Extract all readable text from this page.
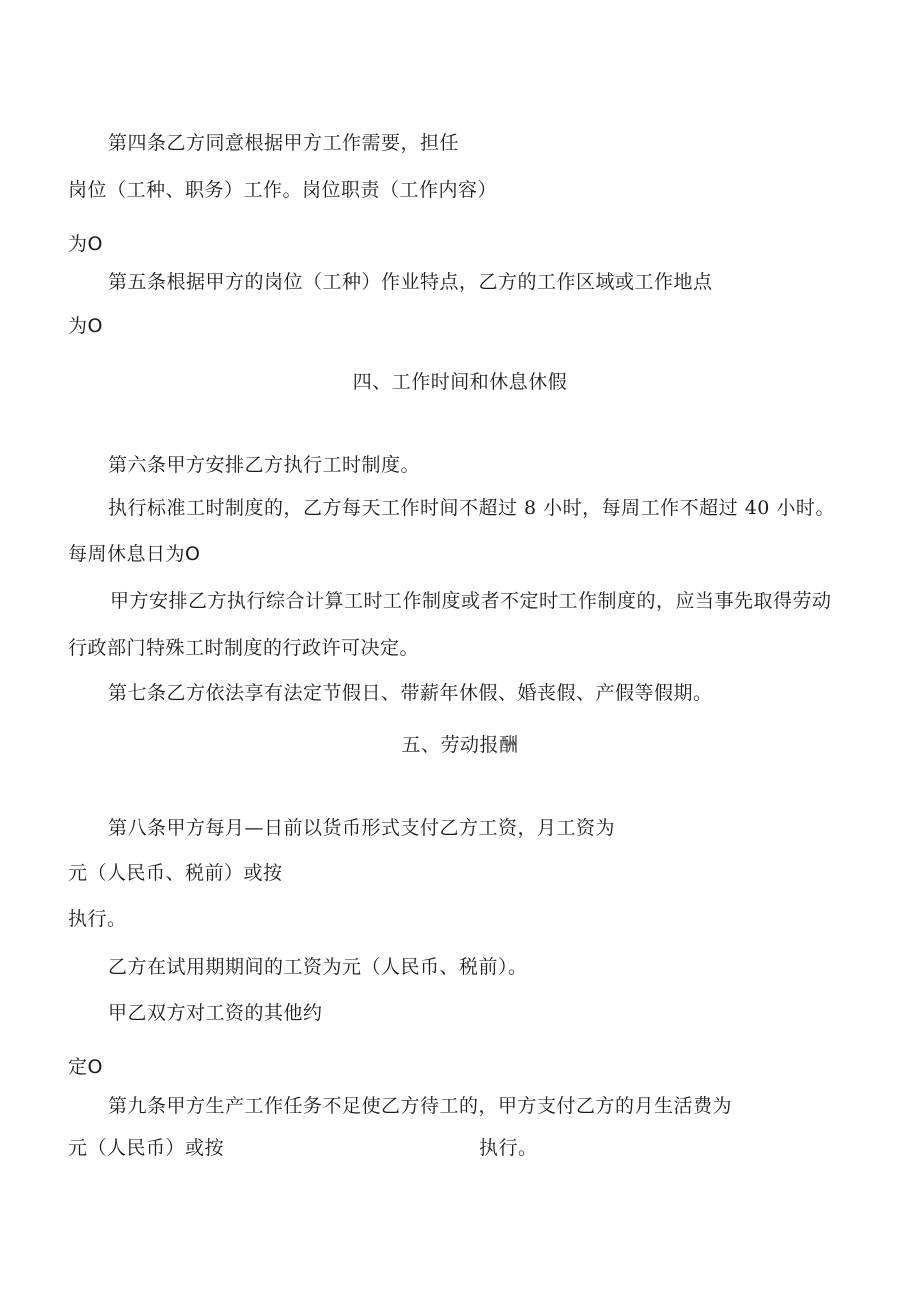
第四条乙方同意根据甲方工作需要，担任
岗位（工种、职务）工作。岗位职责（工作内容）
为O
第五条根据甲方的岗位（工种）作业特点，乙方的工作区域或工作地点
为O
四、工作时间和休息休假
第六条甲方安排乙方执行工时制度。
执行标准工时制度的，乙方每天工作时间不超过 8 小时，每周工作不超过 40 小时。
每周休息日为O
甲方安排乙方执行综合计算工时工作制度或者不定时工作制度的，应当事先取得劳动
行政部门特殊工时制度的行政许可决定。
第七条乙方依法享有法定节假日、带薪年休假、婚丧假、产假等假期。
五、劳动报酬
第八条甲方每月—日前以货币形式支付乙方工资，月工资为
元（人民币、税前）或按
执行。
乙方在试用期期间的工资为元（人民币、税前）。
甲乙双方对工资的其他约
定O
第九条甲方生产工作任务不足使乙方待工的，甲方支付乙方的月生活费为
元（人民币）或按	执行。
